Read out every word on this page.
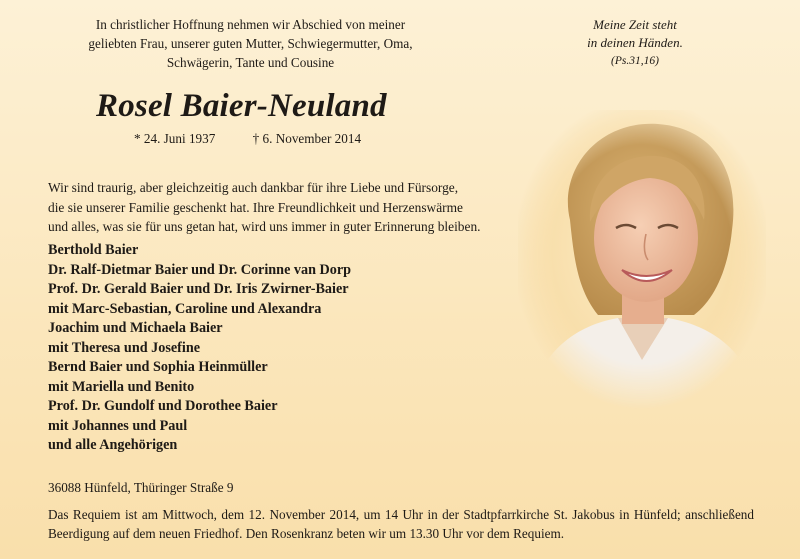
In christlicher Hoffnung nehmen wir Abschied von meiner
geliebten Frau, unserer guten Mutter, Schwiegermutter, Oma,
Schwägerin, Tante und Cousine
Meine Zeit steht
in deinen Händen.
(Ps.31,16)
Rosel Baier-Neuland
* 24. Juni 1937	† 6. November 2014
Wir sind traurig, aber gleichzeitig auch dankbar für ihre Liebe und Fürsorge,
die sie unserer Familie geschenkt hat. Ihre Freundlichkeit und Herzenswärme
und alles, was sie für uns getan hat, wird uns immer in guter Erinnerung bleiben.
Berthold Baier
Dr. Ralf-Dietmar Baier und Dr. Corinne van Dorp
Prof. Dr. Gerald Baier und Dr. Iris Zwirner-Baier
mit Marc-Sebastian, Caroline und Alexandra
Joachim und Michaela Baier
mit Theresa und Josefine
Bernd Baier und Sophia Heinmüller
mit Mariella und Benito
Prof. Dr. Gundolf und Dorothee Baier
mit Johannes und Paul
und alle Angehörigen
36088 Hünfeld, Thüringer Straße 9
Das Requiem ist am Mittwoch, dem 12. November 2014, um 14 Uhr in der Stadtpfarrkirche St. Jakobus in Hünfeld; anschließend Beerdigung auf dem neuen Friedhof. Den Rosenkranz beten wir um 13.30 Uhr vor dem Requiem.
